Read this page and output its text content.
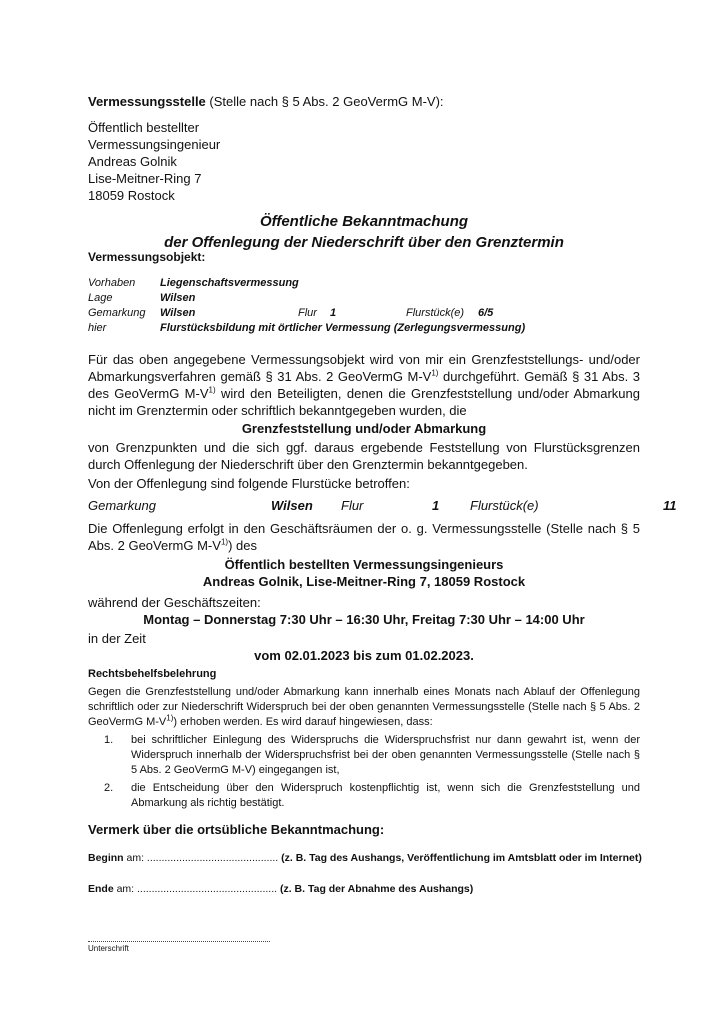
Vermessungsstelle (Stelle nach § 5 Abs. 2 GeoVermG M-V):
Öffentlich bestellter
Vermessungsingenieur
Andreas Golnik
Lise-Meitner-Ring 7
18059 Rostock
Öffentliche Bekanntmachung
der Offenlegung der Niederschrift über den Grenztermin
Vermessungsobjekt:
Vorhaben Liegenschaftsvermessung
Lage	Wilsen
Gemarkung Wilsen	Flur 1	Flurstück(e) 6/5
hier	Flurstücksbildung mit örtlicher Vermessung (Zerlegungsvermessung)
Für das oben angegebene Vermessungsobjekt wird von mir ein Grenzfeststellungs- und/oder Abmarkungsverfahren gemäß § 31 Abs. 2 GeoVermG $M-V^{1)}$ durchgeführt. Gemäß § 31 Abs. 3 des GeoVermG $M-V^{1)}$ wird den Beteiligten, denen die Grenzfeststellung und/oder Abmarkung nicht im Grenztermin oder schriftlich bekanntgegeben wurden, die
Grenzfeststellung und/oder Abmarkung
von Grenzpunkten und die sich ggf. daraus ergebende Feststellung von Flurstücksgrenzen durch Offenlegung der Niederschrift über den Grenztermin bekanntgegeben.
Von der Offenlegung sind folgende Flurstücke betroffen:
Gemarkung	Wilsen Flur	1 Flurstück(e)	11
Die Offenlegung erfolgt in den Geschäftsräumen der o. g. Vermessungsstelle (Stelle nach § 5 Abs. 2 GeoVermG $M-V^{1)}$) des
Öffentlich bestellten Vermessungsingenieurs
Andreas Golnik, Lise-Meitner-Ring 7, 18059 Rostock
während der Geschäftszeiten:
Montag – Donnerstag 7:30 Uhr – 16:30 Uhr, Freitag 7:30 Uhr – 14:00 Uhr
in der Zeit
vom 02.01.2023 bis zum 01.02.2023.
Rechtsbehelfsbelehrung
Gegen die Grenzfeststellung und/oder Abmarkung kann innerhalb eines Monats nach Ablauf der Offenlegung schriftlich oder zur Niederschrift Widerspruch bei der oben genannten Vermessungsstelle (Stelle nach § 5 Abs. 2 GeoVermG $M-V^{1)}$) erhoben werden. Es wird darauf hingewiesen, dass:
1. bei schriftlicher Einlegung des Widerspruchs die Widerspruchsfrist nur dann gewahrt ist, wenn der Widerspruch innerhalb der Widerspruchsfrist bei der oben genannten Vermessungsstelle (Stelle nach § 5 Abs. 2 GeoVermG M-V) eingegangen ist,
2. die Entscheidung über den Widerspruch kostenpflichtig ist, wenn sich die Grenzfeststellung und Abmarkung als richtig bestätigt.
Vermerk über die ortsübliche Bekanntmachung:
Beginn am: ............................................. (z. B. Tag des Aushangs, Veröffentlichung im Amtsblatt oder im Internet)
Ende am: ................................................ (z. B. Tag der Abnahme des Aushangs)
Unterschrift
